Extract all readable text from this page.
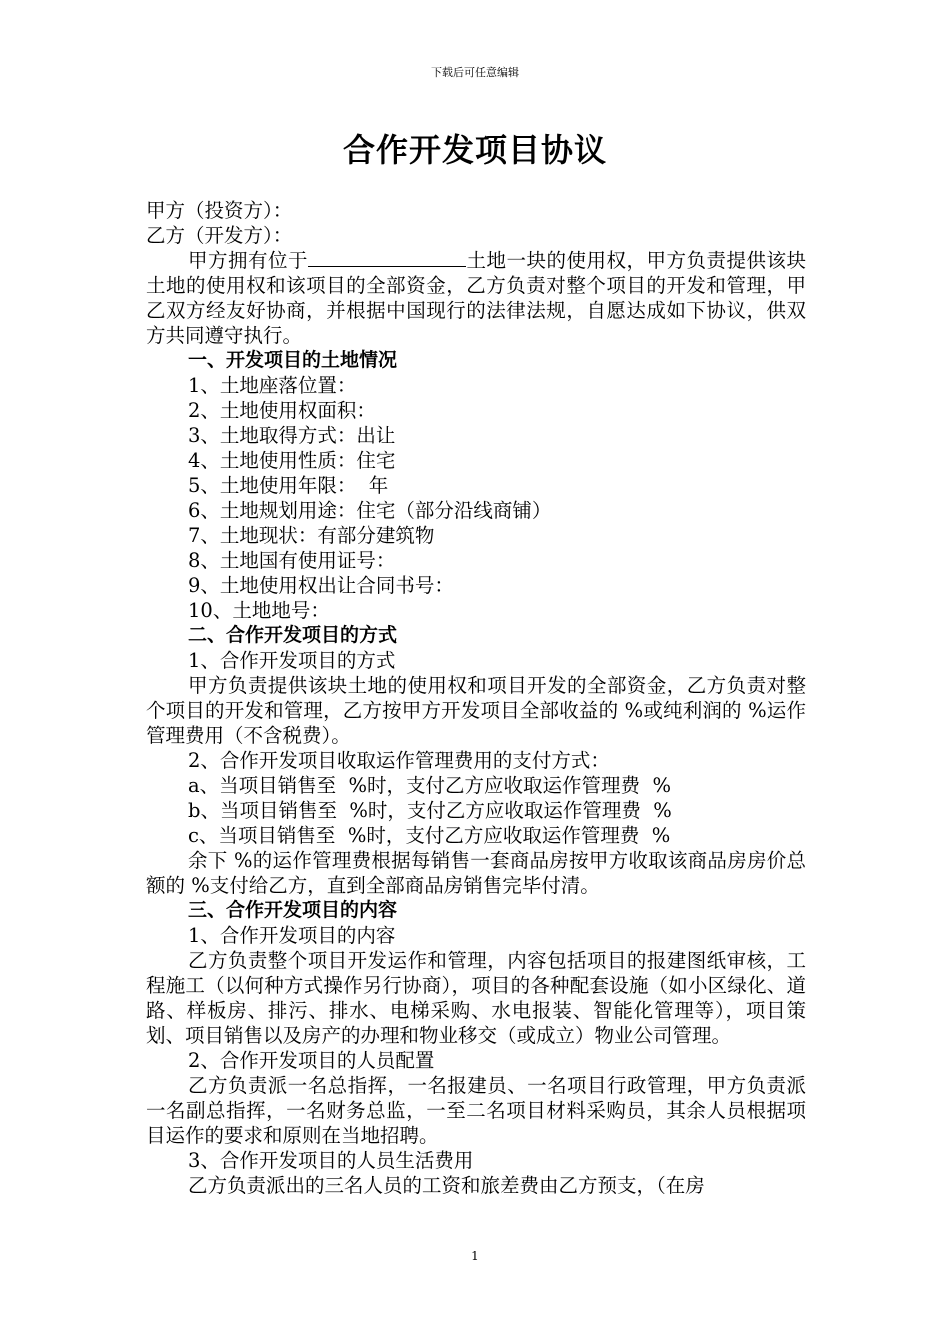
下载后可任意编辑
合作开发项目协议

甲方（投资方）：

乙方（开发方）：

甲方拥有位于	土地一块的使用权，甲方负责提供该块土地的使用权和该项目的全部资金，乙方负责对整个项目的开发和管理，甲乙双方经友好协商，并根据中国现行的法律法规，自愿达成如下协议，供双方共同遵守执行。

一、开发项目的土地情况

1、土地座落位置：

2、土地使用权面积：

3、土地取得方式：出让

4、土地使用性质：住宅

5、土地使用年限：  年

6、土地规划用途：住宅（部分沿线商铺）

7、土地现状：有部分建筑物

8、土地国有使用证号：

9、土地使用权出让合同书号：

10、土地地号：

二、合作开发项目的方式

1、合作开发项目的方式

甲方负责提供该块土地的使用权和项目开发的全部资金，乙方负责对整个项目的开发和管理，乙方按甲方开发项目全部收益的 %或纯利润的 %运作管理费用（不含税费）。

2、合作开发项目收取运作管理费用的支付方式：

a、当项目销售至  %时，支付乙方应收取运作管理费  %

b、当项目销售至  %时，支付乙方应收取运作管理费  %

c、当项目销售至  %时，支付乙方应收取运作管理费  %

余下 %的运作管理费根据每销售一套商品房按甲方收取该商品房房价总额的 %支付给乙方，直到全部商品房销售完毕付清。

三、合作开发项目的内容

1、合作开发项目的内容

乙方负责整个项目开发运作和管理，内容包括项目的报建图纸审核，工程施工（以何种方式操作另行协商），项目的各种配套设施（如小区绿化、道路、样板房、排污、排水、电梯采购、水电报装、智能化管理等），项目策划、项目销售以及房产的办理和物业移交（或成立）物业公司管理。

2、合作开发项目的人员配置

乙方负责派一名总指挥，一名报建员、一名项目行政管理，甲方负责派一名副总指挥，一名财务总监，一至二名项目材料采购员，其余人员根据项目运作的要求和原则在当地招聘。

3、合作开发项目的人员生活费用

乙方负责派出的三名人员的工资和旅差费由乙方预支，（在房

1
